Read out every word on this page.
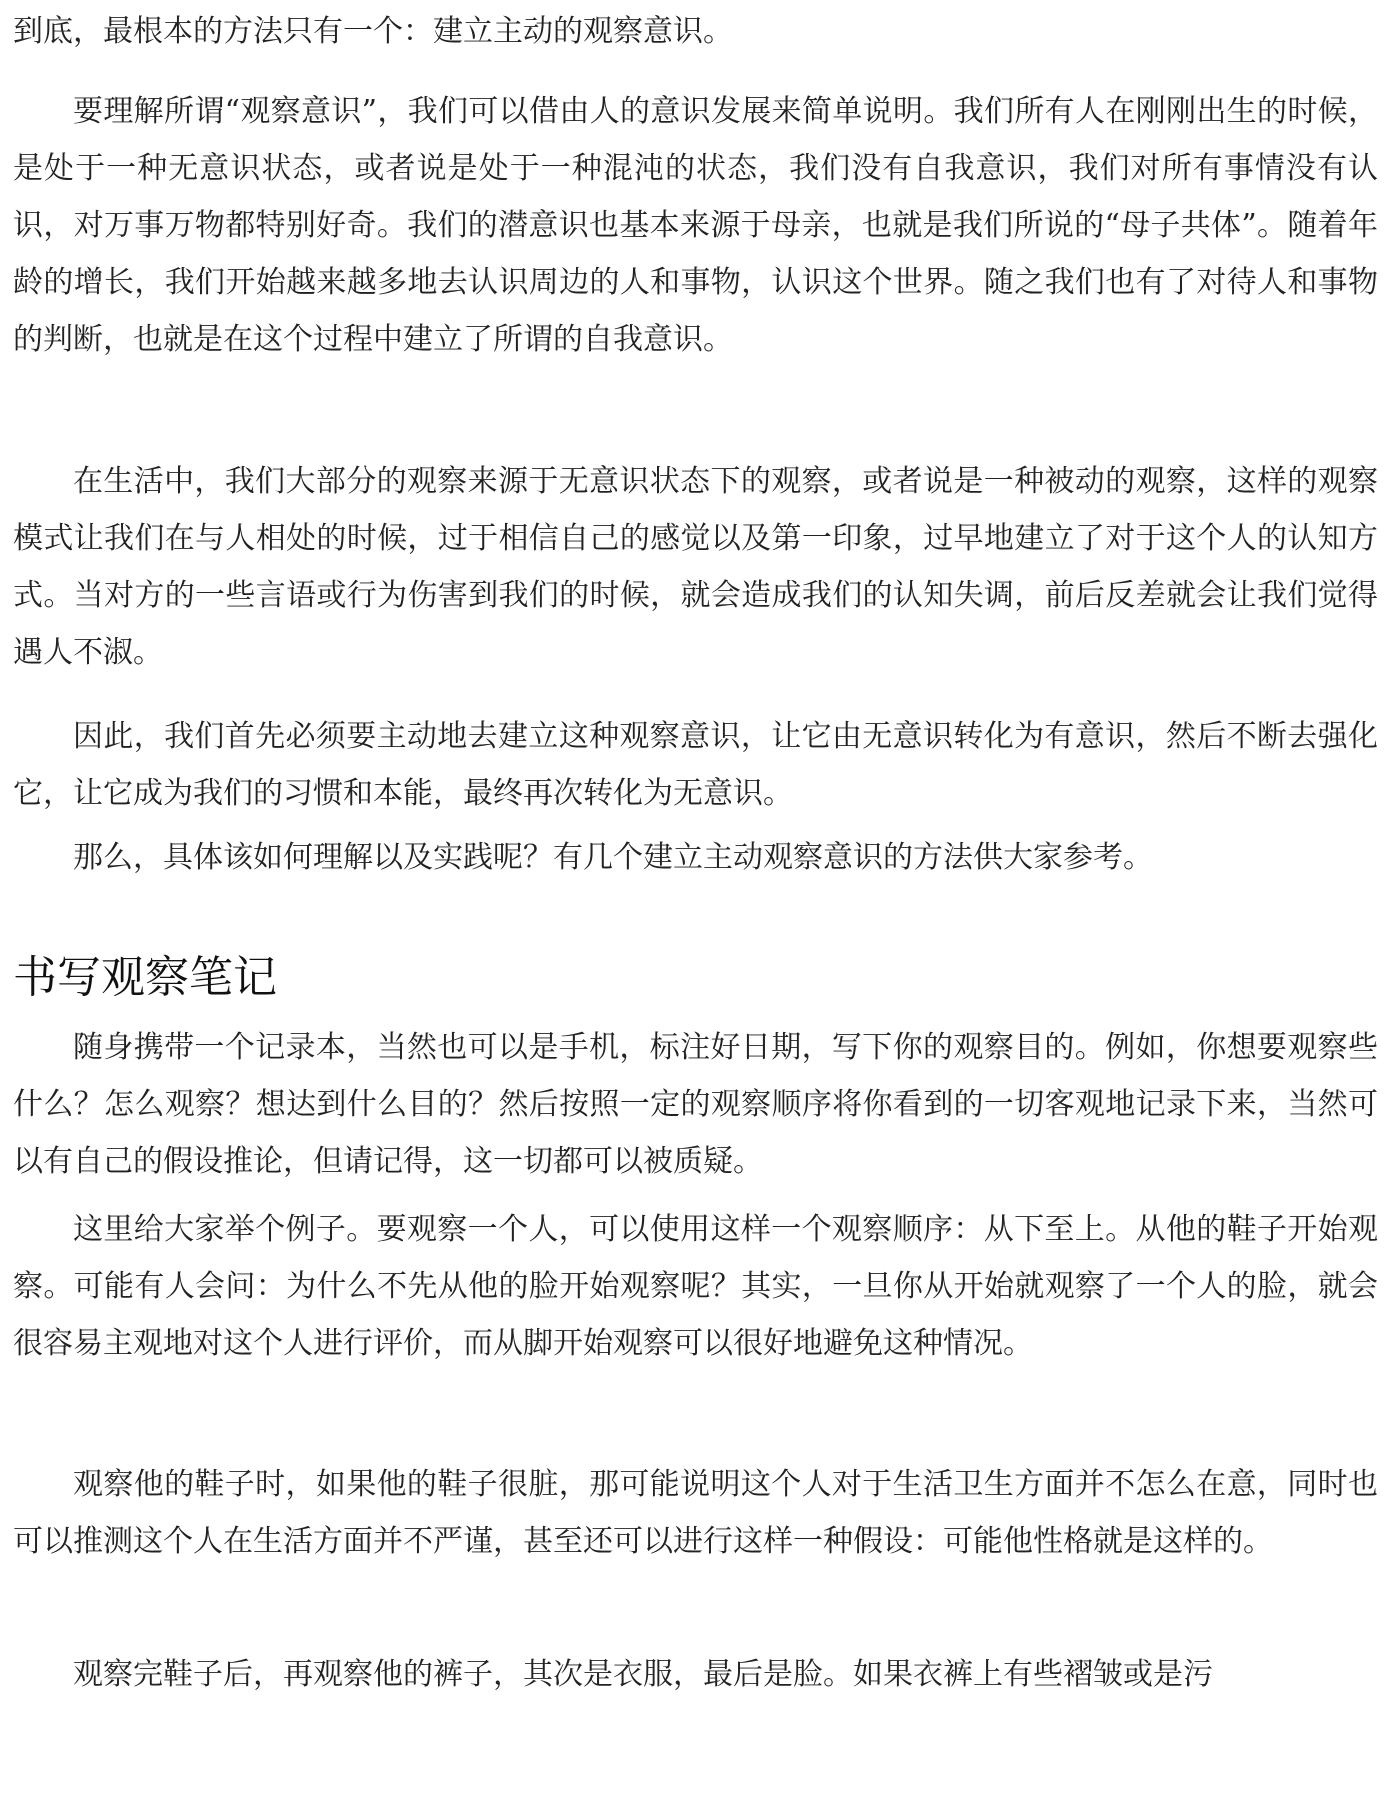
到底，最根本的方法只有一个：建立主动的观察意识。

要理解所谓“观察意识”，我们可以借由人的意识发展来简单说明。我们所有人在刚刚出生的时候，是处于一种无意识状态，或者说是处于一种混沌的状态，我们没有自我意识，我们对所有事情没有认识，对万事万物都特别好奇。我们的潜意识也基本来源于母亲，也就是我们所说的“母子共体”。随着年龄的增长，我们开始越来越多地去认识周边的人和事物，认识这个世界。随之我们也有了对待人和事物的判断，也就是在这个过程中建立了所谓的自我意识。

在生活中，我们大部分的观察来源于无意识状态下的观察，或者说是一种被动的观察，这样的观察模式让我们在与人相处的时候，过于相信自己的感觉以及第一印象，过早地建立了对于这个人的认知方式。当对方的一些言语或行为伤害到我们的时候，就会造成我们的认知失调，前后反差就会让我们觉得遇人不淑。

因此，我们首先必须要主动地去建立这种观察意识，让它由无意识转化为有意识，然后不断去强化它，让它成为我们的习惯和本能，最终再次转化为无意识。

那么，具体该如何理解以及实践呢？有几个建立主动观察意识的方法供大家参考。

书写观察笔记

随身携带一个记录本，当然也可以是手机，标注好日期，写下你的观察目的。例如，你想要观察些什么？怎么观察？想达到什么目的？然后按照一定的观察顺序将你看到的一切客观地记录下来，当然可以有自己的假设推论，但请记得，这一切都可以被质疑。

这里给大家举个例子。要观察一个人，可以使用这样一个观察顺序：从下至上。从他的鞋子开始观察。可能有人会问：为什么不先从他的脸开始观察呢？其实，一旦你从开始就观察了一个人的脸，就会很容易主观地对这个人进行评价，而从脚开始观察可以很好地避免这种情况。

观察他的鞋子时，如果他的鞋子很脏，那可能说明这个人对于生活卫生方面并不怎么在意，同时也可以推测这个人在生活方面并不严谨，甚至还可以进行这样一种假设：可能他性格就是这样的。

观察完鞋子后，再观察他的裤子，其次是衣服，最后是脸。如果衣裤上有些褶皱或是污
